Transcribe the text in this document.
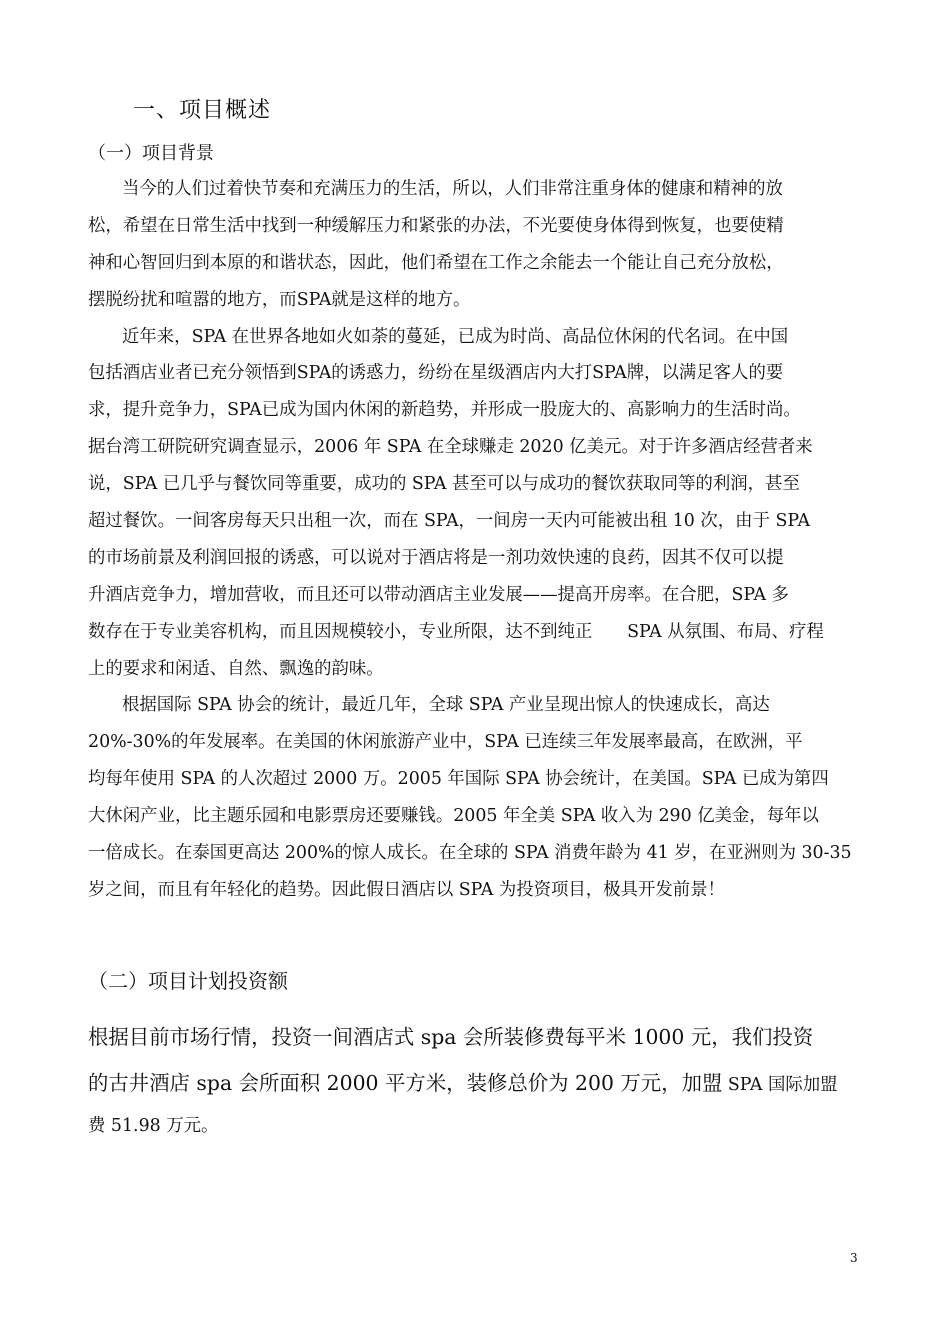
一、项目概述
（一）项目背景
当今的人们过着快节奏和充满压力的生活，所以，人们非常注重身体的健康和精神的放
松，希望在日常生活中找到一种缓解压力和紧张的办法，不光要使身体得到恢复，也要使精
神和心智回归到本原的和谐状态，因此，他们希望在工作之余能去一个能让自己充分放松，
摆脱纷扰和喧嚣的地方，而SPA就是这样的地方。
近年来，SPA 在世界各地如火如荼的蔓延，已成为时尚、高品位休闲的代名词。在中国
包括酒店业者已充分领悟到SPA的诱惑力，纷纷在星级酒店内大打SPA牌，以满足客人的要
求，提升竞争力，SPA已成为国内休闲的新趋势，并形成一股庞大的、高影响力的生活时尚。
据台湾工研院研究调查显示，2006 年 SPA 在全球赚走 2020 亿美元。对于许多酒店经营者来
说，SPA 已几乎与餐饮同等重要，成功的 SPA 甚至可以与成功的餐饮获取同等的利润，甚至
超过餐饮。一间客房每天只出租一次，而在 SPA，一间房一天内可能被出租 10 次，由于 SPA
的市场前景及利润回报的诱惑，可以说对于酒店将是一剂功效快速的良药，因其不仅可以提
升酒店竞争力，增加营收，而且还可以带动酒店主业发展——提高开房率。在合肥，SPA 多
数存在于专业美容机构，而且因规模较小，专业所限，达不到纯正　　SPA 从氛围、布局、疗程
上的要求和闲适、自然、飘逸的韵味。
根据国际 SPA 协会的统计，最近几年，全球 SPA 产业呈现出惊人的快速成长，高达
20%-30%的年发展率。在美国的休闲旅游产业中，SPA 已连续三年发展率最高，在欧洲，平
均每年使用 SPA 的人次超过 2000 万。2005 年国际 SPA 协会统计，在美国。SPA 已成为第四
大休闲产业，比主题乐园和电影票房还要赚钱。2005 年全美 SPA 收入为 290 亿美金，每年以
一倍成长。在泰国更高达 200%的惊人成长。在全球的 SPA 消费年龄为 41 岁，在亚洲则为 30-35
岁之间，而且有年轻化的趋势。因此假日酒店以 SPA 为投资项目，极具开发前景！
（二）项目计划投资额
根据目前市场行情，投资一间酒店式 spa 会所装修费每平米 1000 元，我们投资
的古井酒店 spa 会所面积 2000 平方米，装修总价为 200 万元，加盟 SPA 国际加盟
费 51.98 万元。
3
